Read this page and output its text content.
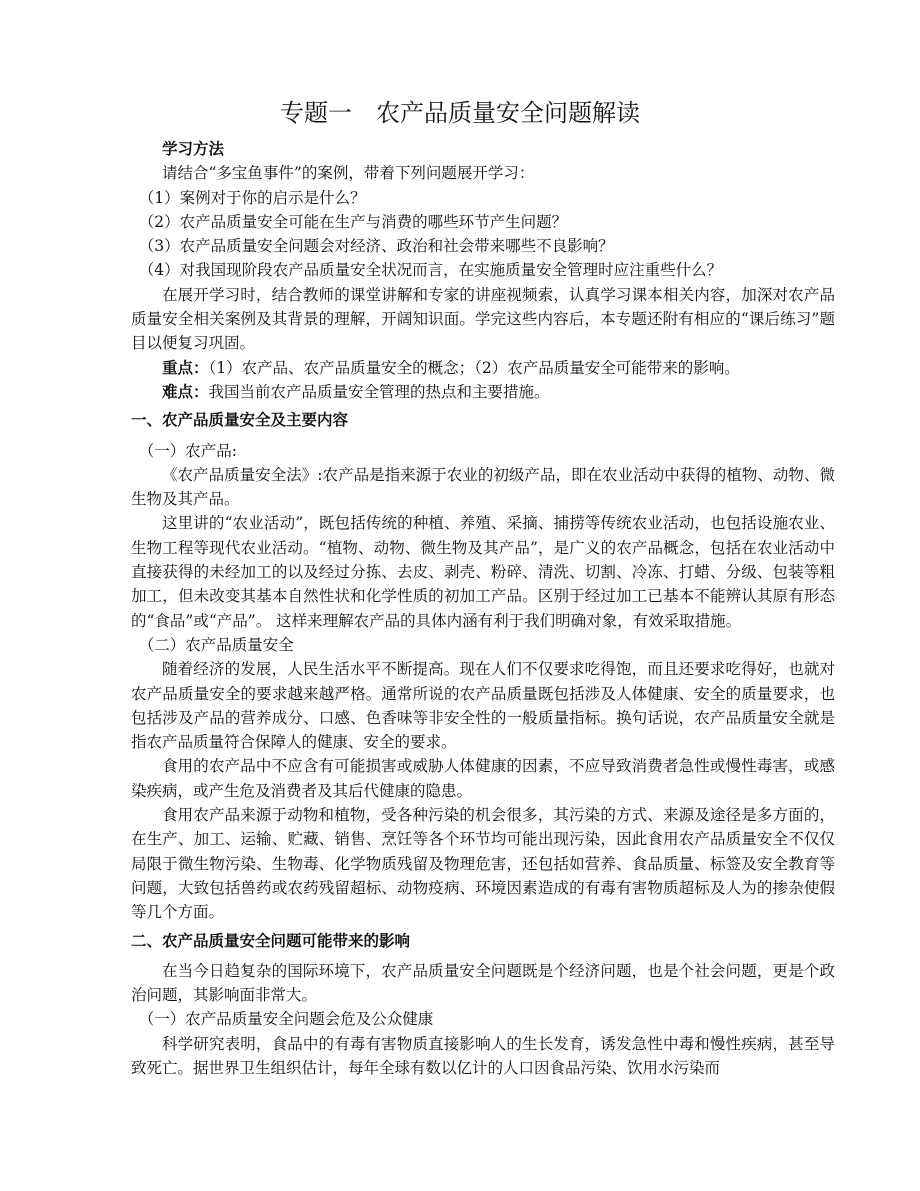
专题一　农产品质量安全问题解读

学习方法

请结合“多宝鱼事件”的案例，带着下列问题展开学习：

（1）案例对于你的启示是什么？

（2）农产品质量安全可能在生产与消费的哪些环节产生问题？

（3）农产品质量安全问题会对经济、政治和社会带来哪些不良影响？

（4）对我国现阶段农产品质量安全状况而言，在实施质量安全管理时应注重些什么？

在展开学习时，结合教师的课堂讲解和专家的讲座视频索，认真学习课本相关内容，加深对农产品质量安全相关案例及其背景的理解，开阔知识面。学完这些内容后，本专题还附有相应的“课后练习”题目以便复习巩固。

重点：（1）农产品、农产品质量安全的概念；（2）农产品质量安全可能带来的影响。

难点：我国当前农产品质量安全管理的热点和主要措施。

一、农产品质量安全及主要内容

（一）农产品:

《农产品质量安全法》:农产品是指来源于农业的初级产品，即在农业活动中获得的植物、动物、微生物及其产品。

这里讲的“农业活动”，既包括传统的种植、养殖、采摘、捕捞等传统农业活动，也包括设施农业、生物工程等现代农业活动。“植物、动物、微生物及其产品”，是广义的农产品概念，包括在农业活动中直接获得的未经加工的以及经过分拣、去皮、剥壳、粉碎、清洗、切割、冷冻、打蜡、分级、包装等粗加工，但未改变其基本自然性状和化学性质的初加工产品。区别于经过加工已基本不能辨认其原有形态的“食品”或“产品”。 这样来理解农产品的具体内涵有利于我们明确对象，有效采取措施。

（二）农产品质量安全

随着经济的发展，人民生活水平不断提高。现在人们不仅要求吃得饱，而且还要求吃得好，也就对农产品质量安全的要求越来越严格。通常所说的农产品质量既包括涉及人体健康、安全的质量要求，也包括涉及产品的营养成分、口感、色香味等非安全性的一般质量指标。换句话说，农产品质量安全就是指农产品质量符合保障人的健康、安全的要求。

食用的农产品中不应含有可能损害或威胁人体健康的因素，不应导致消费者急性或慢性毒害，或感染疾病，或产生危及消费者及其后代健康的隐患。

食用农产品来源于动物和植物，受各种污染的机会很多，其污染的方式、来源及途径是多方面的，在生产、加工、运输、贮藏、销售、烹饪等各个环节均可能出现污染，因此食用农产品质量安全不仅仅局限于微生物污染、生物毒、化学物质残留及物理危害，还包括如营养、食品质量、标签及安全教育等问题，大致包括兽药或农药残留超标、动物疫病、环境因素造成的有毒有害物质超标及人为的掺杂使假等几个方面。

二、农产品质量安全问题可能带来的影响

在当今日趋复杂的国际环境下，农产品质量安全问题既是个经济问题，也是个社会问题，更是个政治问题，其影响面非常大。

（一）农产品质量安全问题会危及公众健康

科学研究表明，食品中的有毒有害物质直接影响人的生长发育，诱发急性中毒和慢性疾病，甚至导致死亡。据世界卫生组织估计，每年全球有数以亿计的人口因食品污染、饮用水污染而
